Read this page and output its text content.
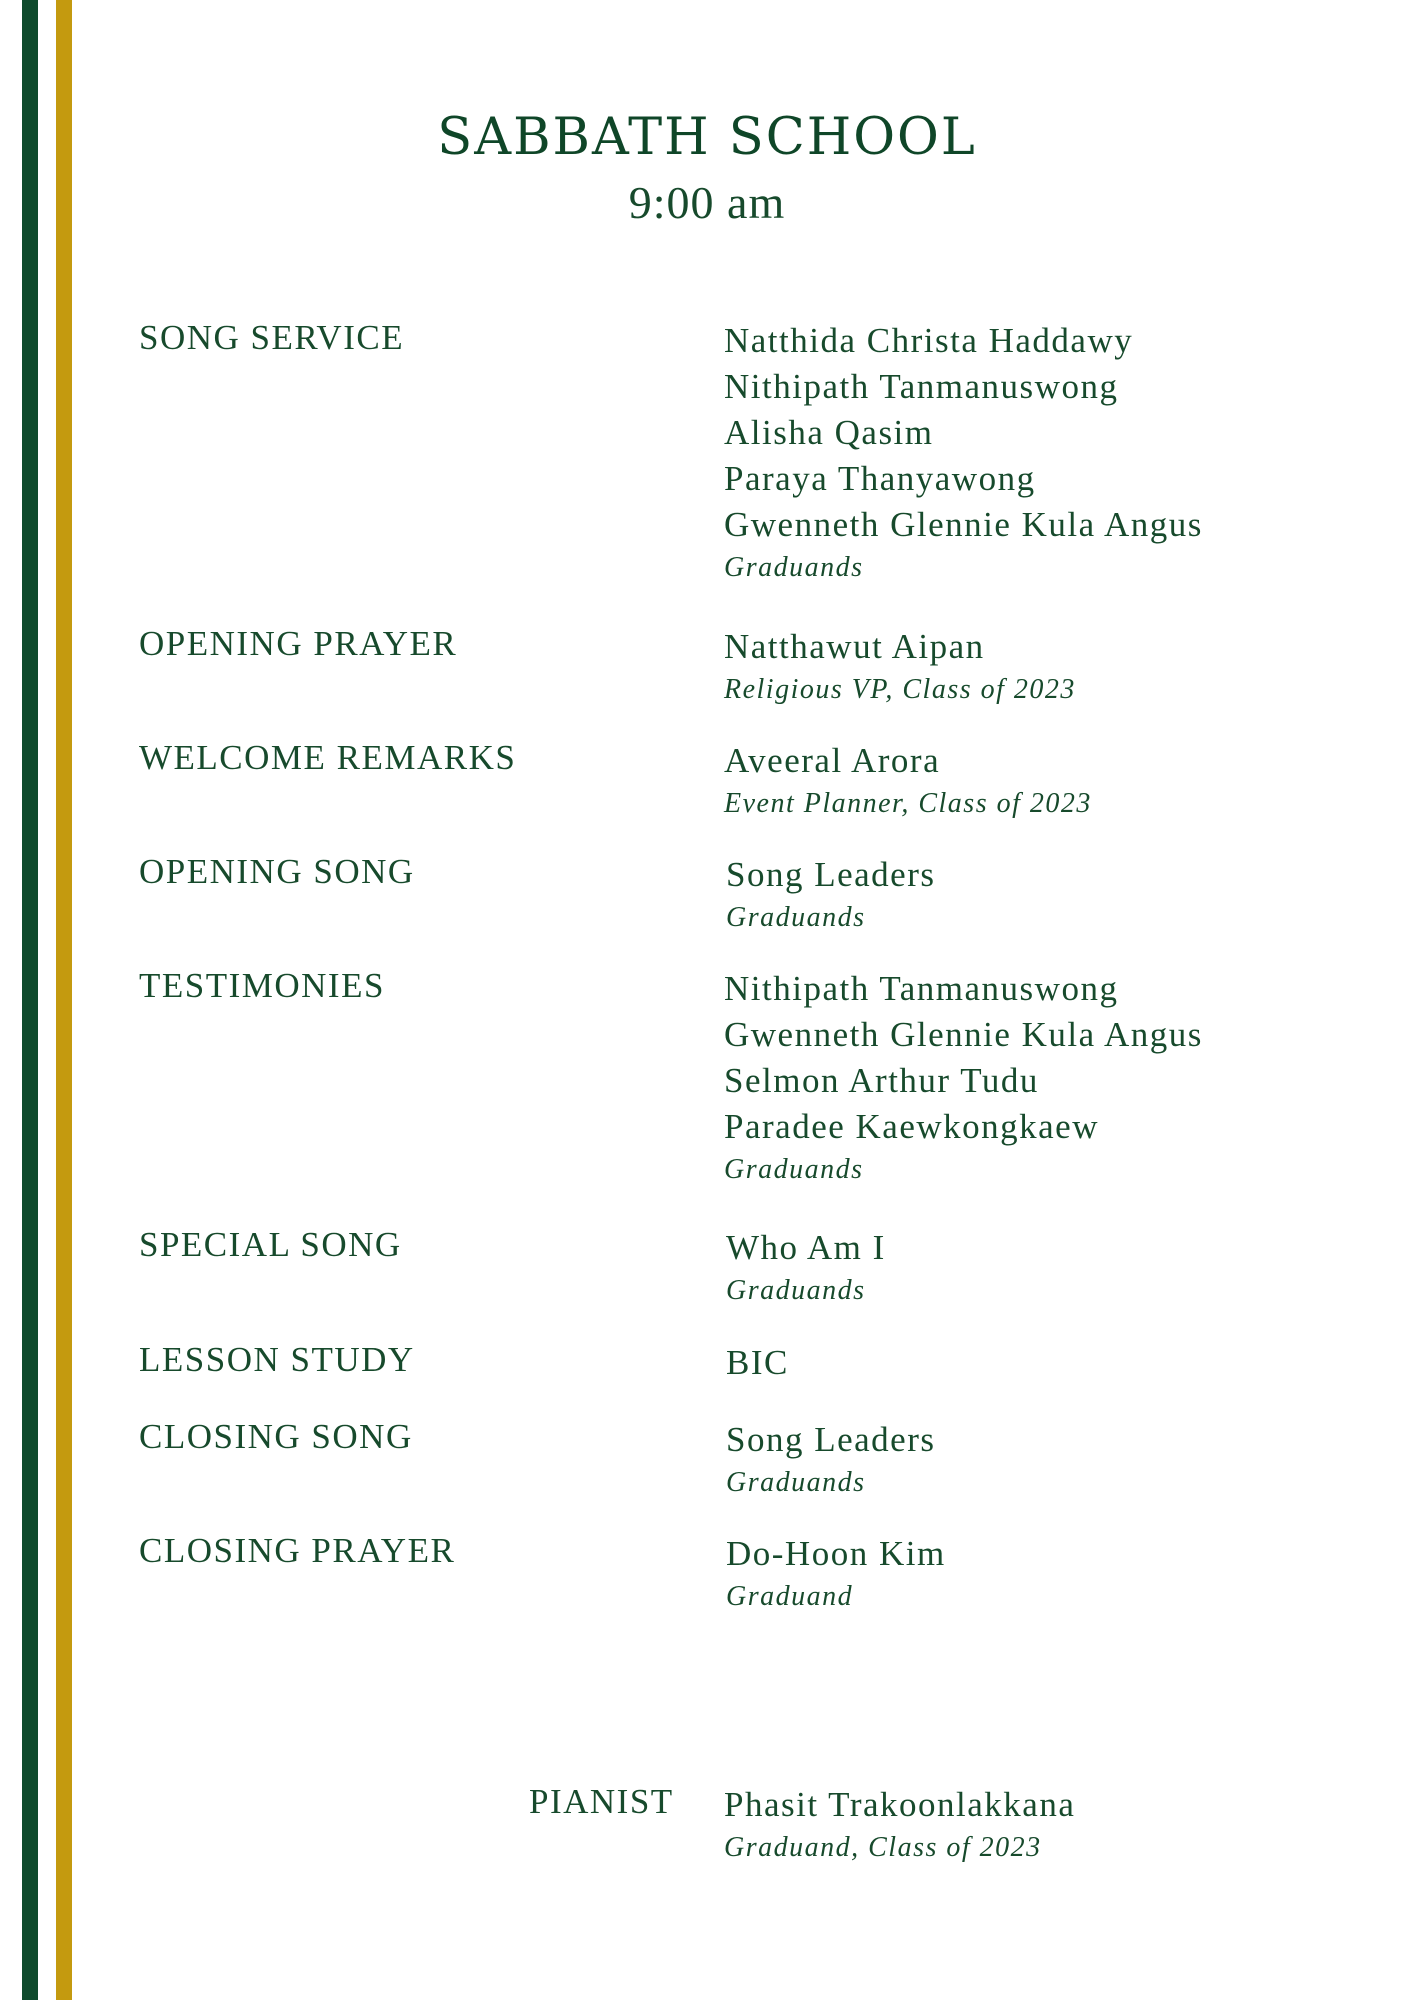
SABBATH SCHOOL
9:00 am
SONG SERVICE	Natthida Christa Haddawy
Nithipath Tanmanuswong
Alisha Qasim
Paraya Thanyawong
Gwenneth Glennie Kula Angus
Graduands
OPENING PRAYER	Natthawut Aipan
Religious VP, Class of 2023
WELCOME REMARKS	Aveeral Arora
Event Planner, Class of 2023
OPENING SONG	Song Leaders
Graduands
TESTIMONIES	Nithipath Tanmanuswong
Gwenneth Glennie Kula Angus
Selmon Arthur Tudu
Paradee Kaewkongkaew
Graduands
SPECIAL SONG	Who Am I
Graduands
LESSON STUDY	BIC
CLOSING SONG	Song Leaders
Graduands
CLOSING PRAYER	Do-Hoon Kim
Graduand
PIANIST Phasit Trakoonlakkana
Graduand, Class of 2023
